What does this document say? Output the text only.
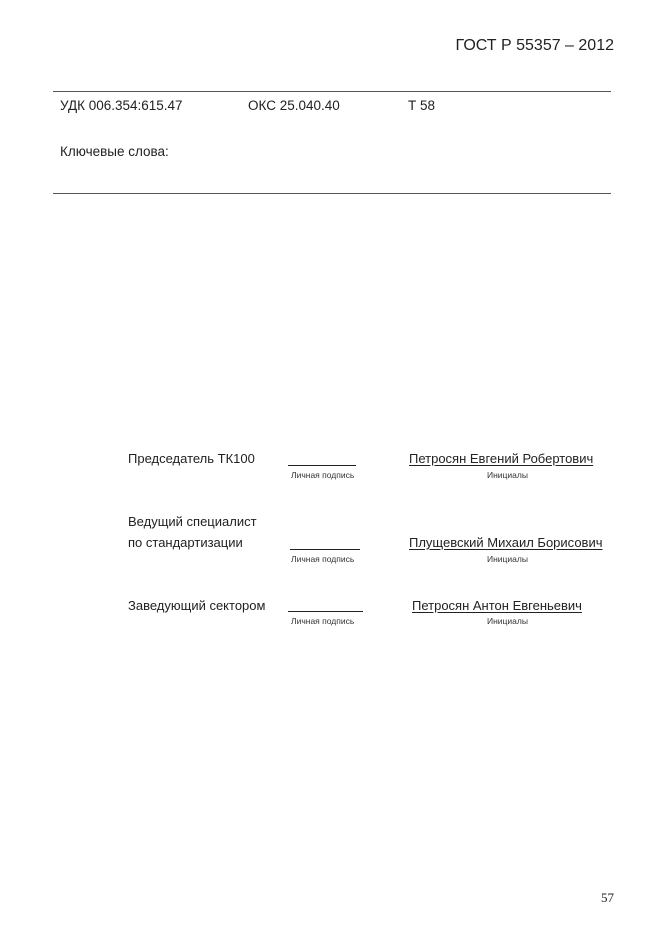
ГОСТ Р 55357 – 2012
УДК 006.354:615.47	ОКС 25.040.40	Т 58
Ключевые слова:
Председатель ТК100
Личная подпись
Петросян Евгений Робертович
Инициалы
Ведущий специалист
по стандартизации
Личная подпись
Плущевский Михаил Борисович
Инициалы
Заведующий сектором
Личная подпись
Петросян Антон Евгеньевич
Инициалы
57
